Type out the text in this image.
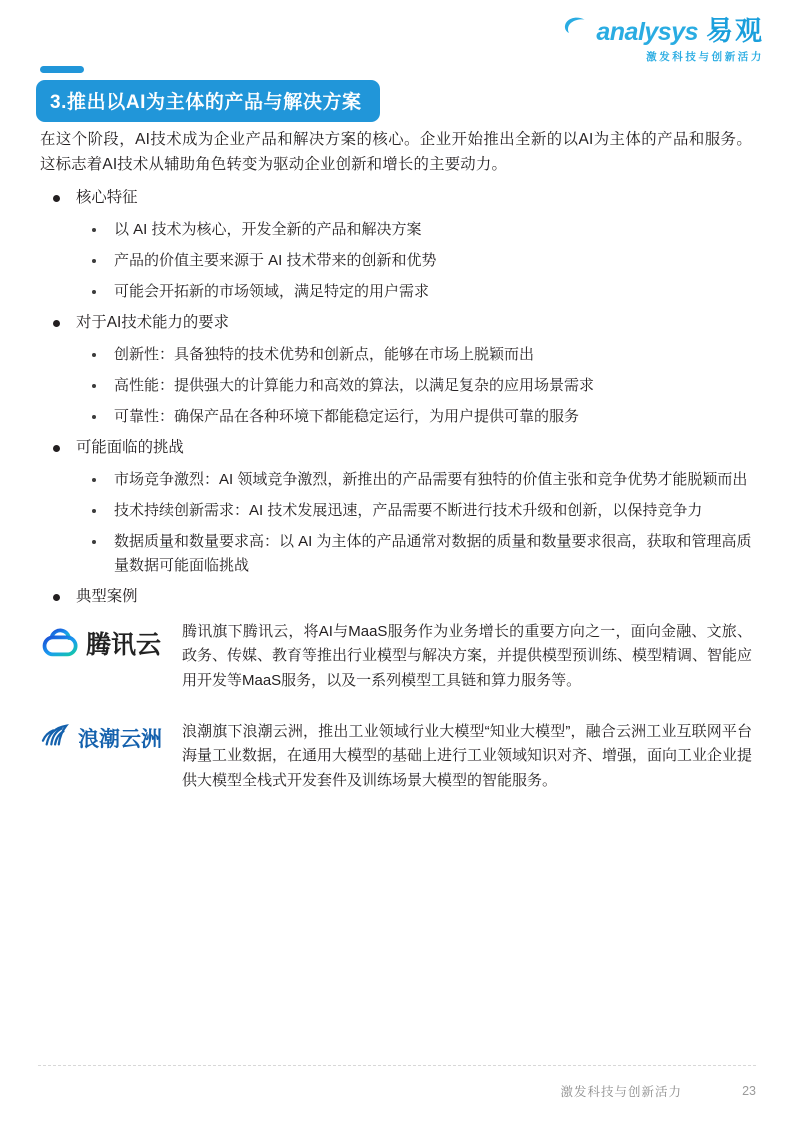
analysys 易观
激发科技与创新活力
3.推出以AI为主体的产品与解决方案

在这个阶段，AI技术成为企业产品和解决方案的核心。企业开始推出全新的以AI为主体的产品和服务。这标志着AI技术从辅助角色转变为驱动企业创新和增长的主要动力。

核心特征
以 AI 技术为核心，开发全新的产品和解决方案
产品的价值主要来源于 AI 技术带来的创新和优势
可能会开拓新的市场领域，满足特定的用户需求
对于AI技术能力的要求
创新性：具备独特的技术优势和创新点，能够在市场上脱颖而出
高性能：提供强大的计算能力和高效的算法，以满足复杂的应用场景需求
可靠性：确保产品在各种环境下都能稳定运行，为用户提供可靠的服务
可能面临的挑战
市场竞争激烈：AI 领域竞争激烈，新推出的产品需要有独特的价值主张和竞争优势才能脱颖而出
技术持续创新需求：AI 技术发展迅速，产品需要不断进行技术升级和创新，以保持竞争力
数据质量和数量要求高：以 AI 为主体的产品通常对数据的质量和数量要求很高，获取和管理高质量数据可能面临挑战
典型案例
腾讯云 腾讯旗下腾讯云，将AI与MaaS服务作为业务增长的重要方向之一，面向金融、文旅、政务、传媒、教育等推出行业模型与解决方案，并提供模型预训练、模型精调、智能应用开发等MaaS服务，以及一系列模型工具链和算力服务等。
浪潮云洲 浪潮旗下浪潮云洲，推出工业领域行业大模型“知业大模型”，融合云洲工业互联网平台海量工业数据，在通用大模型的基础上进行工业领域知识对齐、增强，面向工业企业提供大模型全栈式开发套件及训练场景大模型的智能服务。
激发科技与创新活力	23
